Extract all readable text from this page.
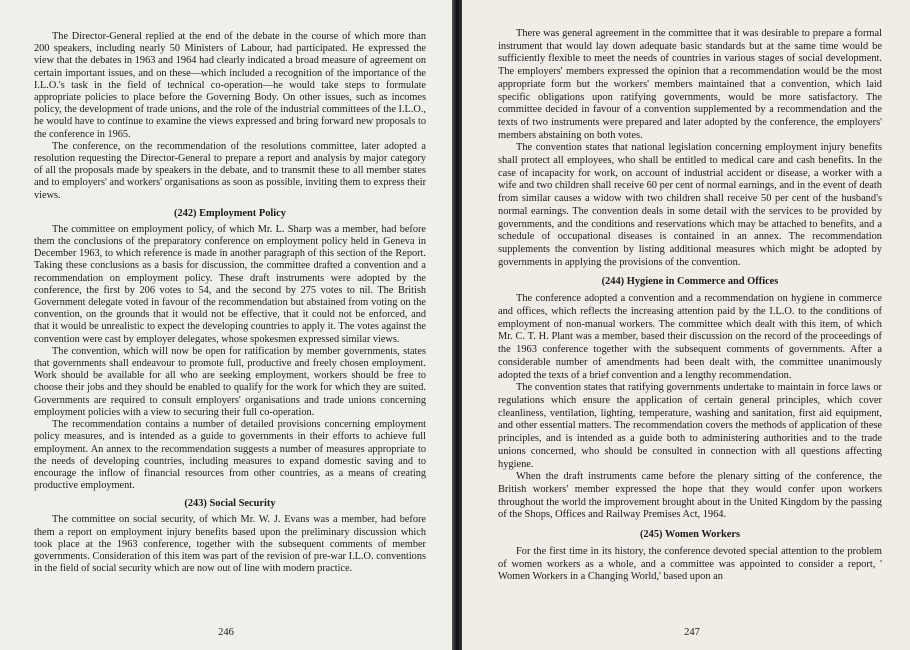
The Director-General replied at the end of the debate in the course of which more than 200 speakers, including nearly 50 Ministers of Labour, had participated. He expressed the view that the debates in 1963 and 1964 had clearly indicated a broad measure of agreement on certain important issues, and on these—which included a recognition of the importance of the I.L.O.'s task in the field of technical co-operation—he would take steps to formulate appropriate policies to place before the Governing Body. On other issues, such as incomes policy, the development of trade unions, and the role of the industrial committees of the I.L.O., he would have to continue to examine the views expressed and bring forward new proposals to the conference in 1965.

The conference, on the recommendation of the resolutions committee, later adopted a resolution requesting the Director-General to prepare a report and analysis by major category of all the proposals made by speakers in the debate, and to transmit these to all member states and to employers' and workers' organisations as soon as possible, inviting them to express their views.

(242) Employment Policy

The committee on employment policy, of which Mr. L. Sharp was a member, had before them the conclusions of the preparatory conference on employment policy held in Geneva in December 1963, to which reference is made in another paragraph of this section of the Report. Taking these conclusions as a basis for discussion, the committee drafted a convention and a recommendation on employment policy. These draft instruments were adopted by the conference, the first by 206 votes to 54, and the second by 275 votes to nil. The British Government delegate voted in favour of the recommendation but abstained from voting on the convention, on the grounds that it would not be effective, that it could not be enforced, and that it would be unrealistic to expect the developing countries to apply it. The votes against the convention were cast by employer delegates, whose spokesmen expressed similar views.

The convention, which will now be open for ratification by member governments, states that governments shall endeavour to promote full, productive and freely chosen employment. Work should be available for all who are seeking employment, workers should be free to choose their jobs and they should be enabled to qualify for the work for which they are suited. Governments are required to consult employers' organisations and trade unions concerning employment policies with a view to securing their full co-operation.

The recommendation contains a number of detailed provisions concerning employment policy measures, and is intended as a guide to governments in their efforts to achieve full employment. An annex to the recommendation suggests a number of measures appropriate to the needs of developing countries, including measures to expand domestic saving and to encourage the inflow of financial resources from other countries, as a means of creating productive employment.

(243) Social Security

The committee on social security, of which Mr. W. J. Evans was a member, had before them a report on employment injury benefits based upon the preliminary discussion which took place at the 1963 conference, together with the subsequent comments of member governments. Consideration of this item was part of the revision of pre-war I.L.O. conventions in the field of social security which are now out of line with modern practice.

246

There was general agreement in the committee that it was desirable to prepare a formal instrument that would lay down adequate basic standards but at the same time would be sufficiently flexible to meet the needs of countries in various stages of social development. The employers' members expressed the opinion that a recommendation would be the most appropriate form but the workers' members maintained that a convention, which laid specific obligations upon ratifying governments, would be more satisfactory. The committee decided in favour of a convention supplemented by a recommendation and the texts of two instruments were prepared and later adopted by the conference, the employers' members abstaining on both votes.

The convention states that national legislation concerning employment injury benefits shall protect all employees, who shall be entitled to medical care and cash benefits. In the case of incapacity for work, on account of industrial accident or disease, a worker with a wife and two children shall receive 60 per cent of normal earnings, and in the event of death from similar causes a widow with two children shall receive 50 per cent of the husband's normal earnings. The convention deals in some detail with the services to be provided by governments, and the conditions and reservations which may be attached to benefits, and a schedule of occupational diseases is contained in an annex. The recommendation supplements the convention by listing additional measures which might be adopted by governments in applying the provisions of the convention.

(244) Hygiene in Commerce and Offices

The conference adopted a convention and a recommendation on hygiene in commerce and offices, which reflects the increasing attention paid by the I.L.O. to the conditions of employment of non-manual workers. The committee which dealt with this item, of which Mr. C. T. H. Plant was a member, based their discussion on the record of the proceedings of the 1963 conference together with the subsequent comments of governments. After a considerable number of amendments had been dealt with, the committee unanimously adopted the texts of a brief convention and a lengthy recommendation.

The convention states that ratifying governments undertake to maintain in force laws or regulations which ensure the application of certain general principles, which cover cleanliness, ventilation, lighting, temperature, washing and sanitation, first aid equipment, and other essential matters. The recommendation covers the methods of application of these principles, and is intended as a guide both to administering authorities and to the trade unions concerned, who should be consulted in connection with all questions affecting hygiene.

When the draft instruments came before the plenary sitting of the conference, the British workers' member expressed the hope that they would confer upon workers throughout the world the improvement brought about in the United Kingdom by the passing of the Shops, Offices and Railway Premises Act, 1964.

(245) Women Workers

For the first time in its history, the conference devoted special attention to the problem of women workers as a whole, and a committee was appointed to consider a report, ' Women Workers in a Changing World,' based upon an

247
